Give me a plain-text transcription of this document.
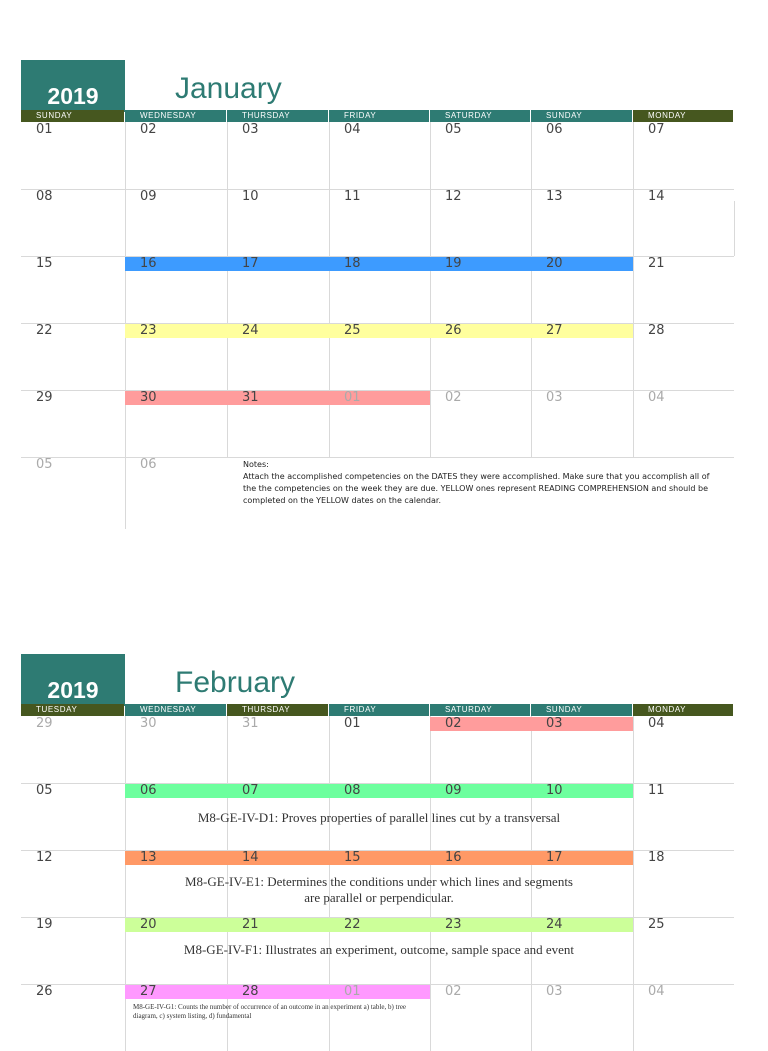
2019	January
SUNDAY	WEDNESDAY	THURSDAY	FRIDAY	SATURDAY	SUNDAY	MONDAY
01	02	03	04	05	06	07
08	09	10	11	12	13	14
15	16	17	18	19	20	21
22	23	24	25	26	27	28
29	30	31	01	02	03	04
05	06	Notes:
Attach the accomplished competencies on the DATES they were accomplished. Make sure that you accomplish all of the the competencies on the week they are due. YELLOW ones represent READING COMPREHENSION and should be completed on the YELLOW dates on the calendar.
2019	February
TUESDAY	WEDNESDAY	THURSDAY	FRIDAY	SATURDAY	SUNDAY	MONDAY
29	30	31	01	02	03	04
05	06	07	08	09	10	11
12	13	14	15	16	17	18
19	20	21	22	23	24	25
26	27	28	01	02	03	04
M8-GE-IV-D1: Proves properties of parallel lines cut by a transversal
M8-GE-IV-E1: Determines the conditions under which lines and segments
are parallel or perpendicular.
M8-GE-IV-F1: Illustrates an experiment, outcome, sample space and event
M8-GE-IV-G1: Counts the number of occurrence of an outcome in an experiment a) table, b) tree diagram, c) system listing, d) fundamental
